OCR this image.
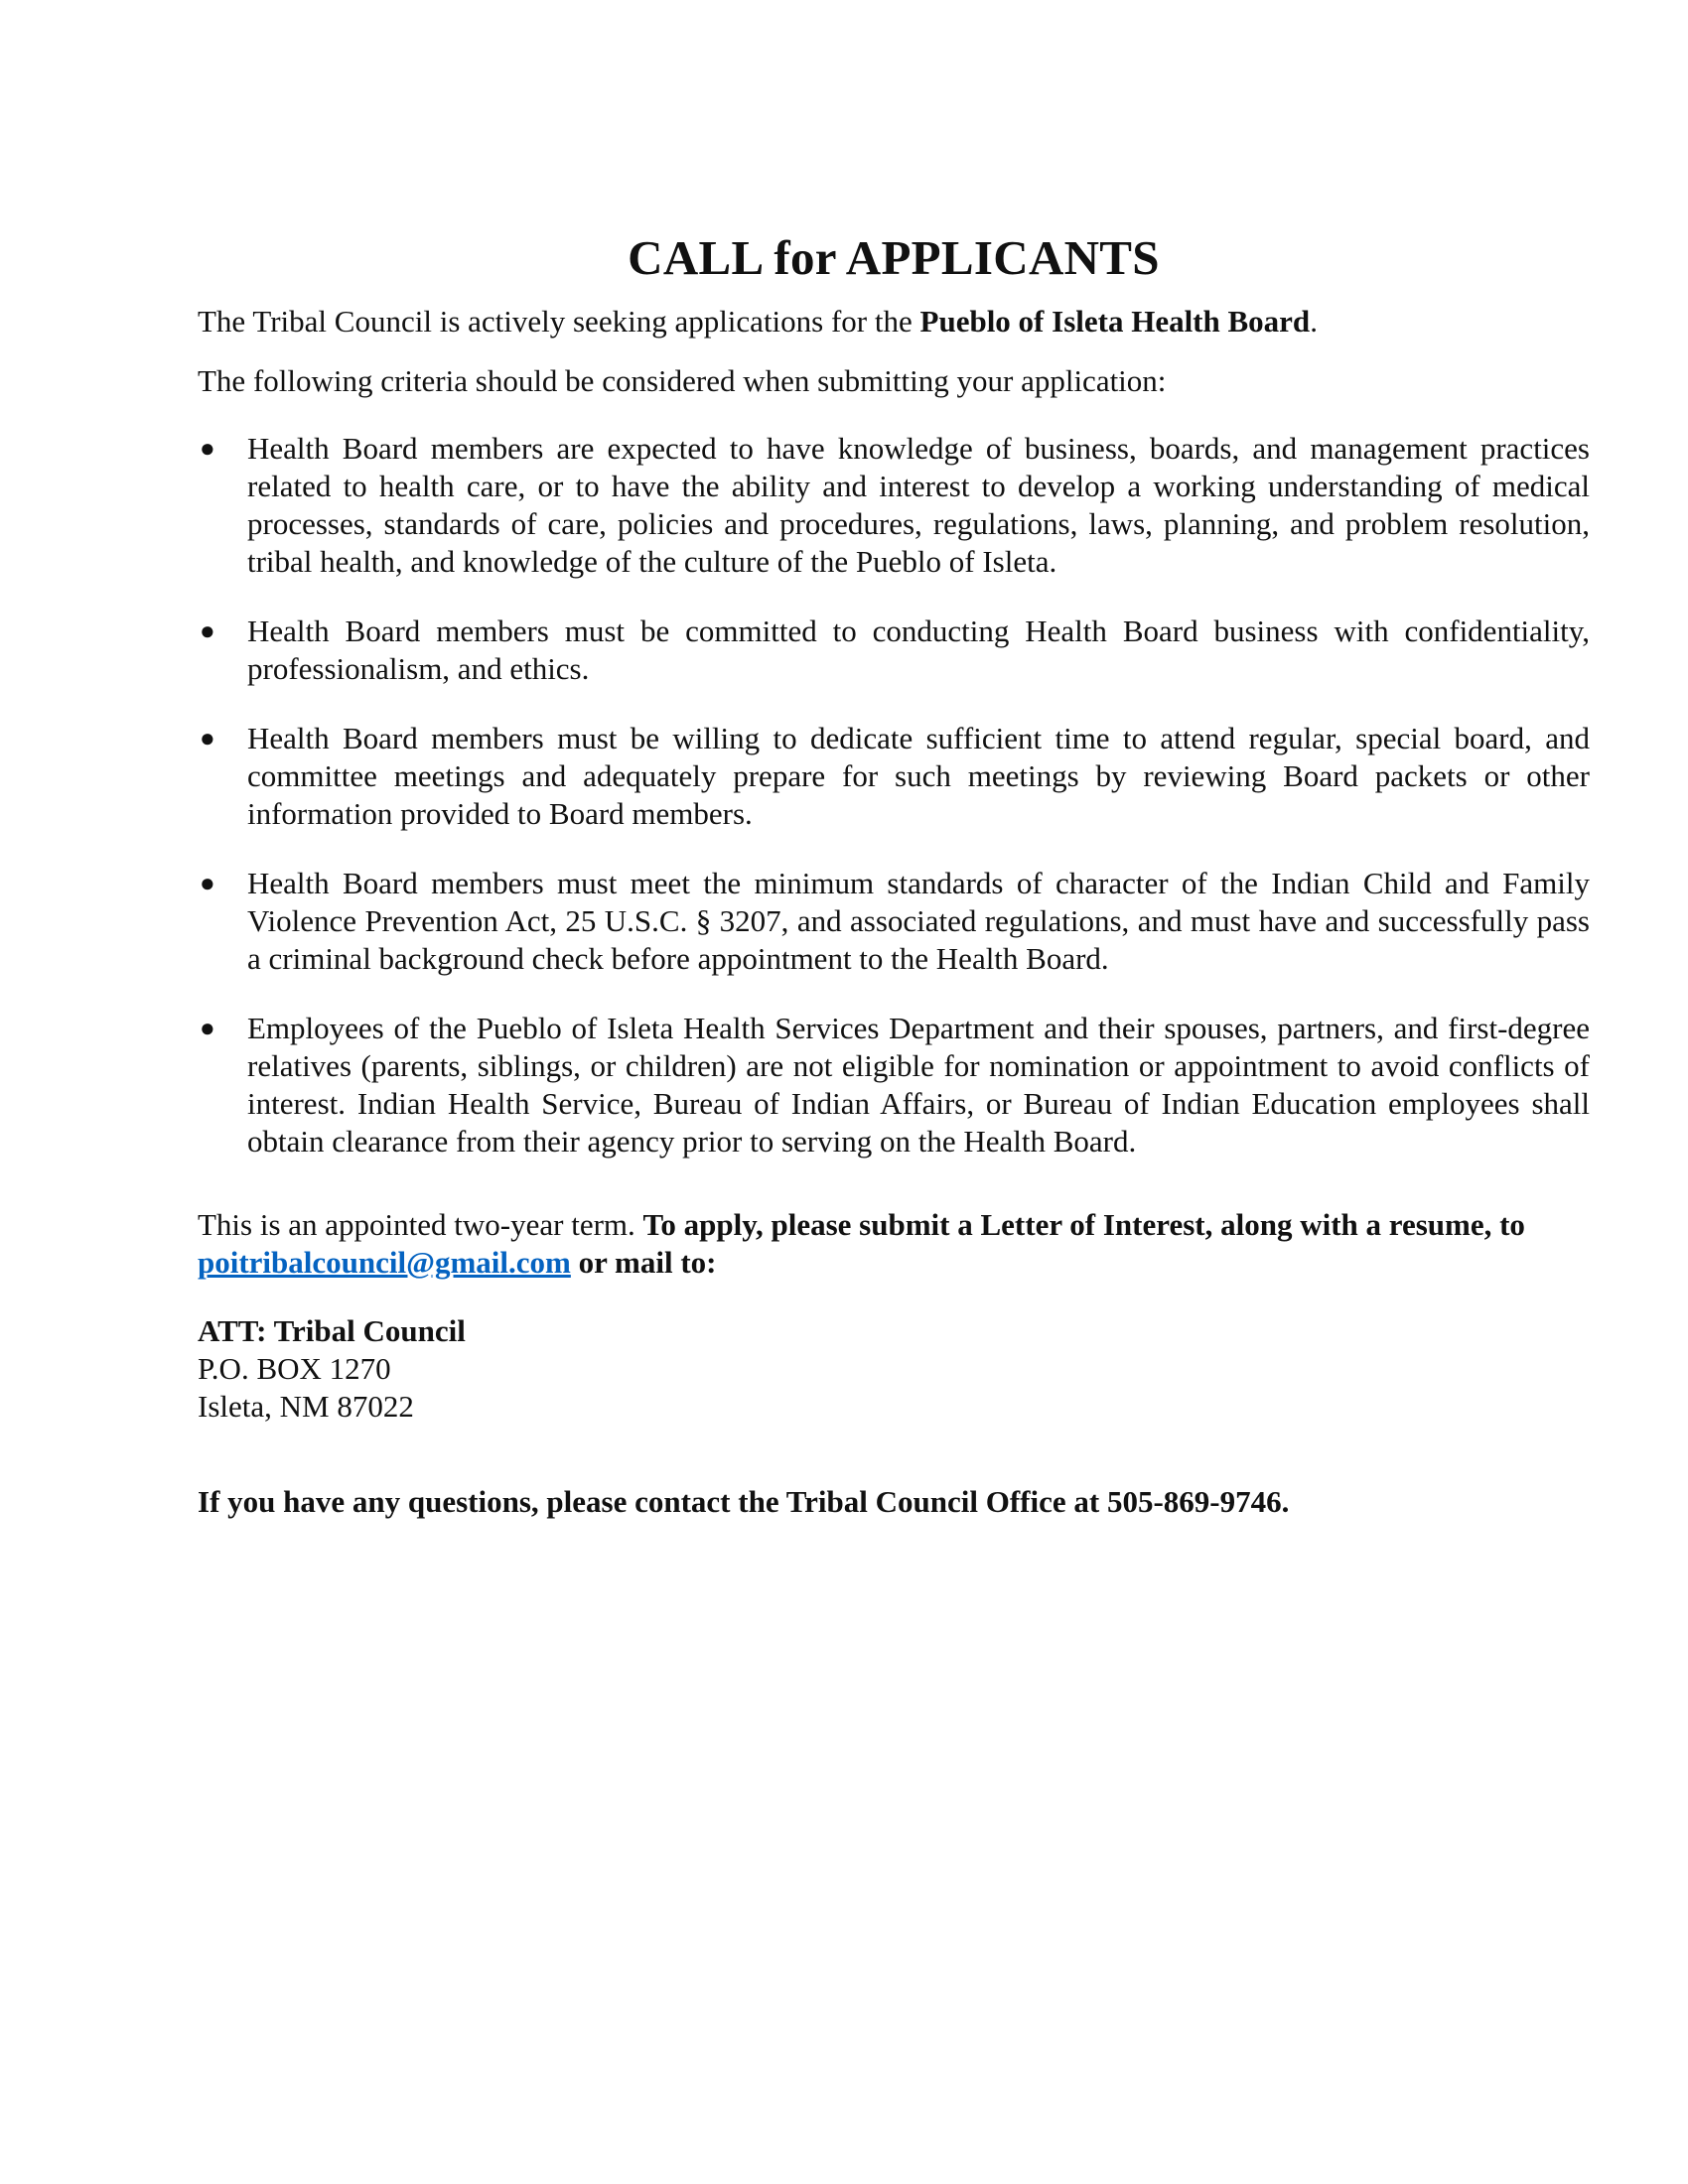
CALL for APPLICANTS

The Tribal Council is actively seeking applications for the Pueblo of Isleta Health Board.

The following criteria should be considered when submitting your application:

● Health Board members are expected to have knowledge of business, boards, and management practices related to health care, or to have the ability and interest to develop a working understanding of medical processes, standards of care, policies and procedures, regulations, laws, planning, and problem resolution, tribal health, and knowledge of the culture of the Pueblo of Isleta.
● Health Board members must be committed to conducting Health Board business with confidentiality, professionalism, and ethics.
● Health Board members must be willing to dedicate sufficient time to attend regular, special board, and committee meetings and adequately prepare for such meetings by reviewing Board packets or other information provided to Board members.
● Health Board members must meet the minimum standards of character of the Indian Child and Family Violence Prevention Act, 25 U.S.C. § 3207, and associated regulations, and must have and successfully pass a criminal background check before appointment to the Health Board.
● Employees of the Pueblo of Isleta Health Services Department and their spouses, partners, and first-degree relatives (parents, siblings, or children) are not eligible for nomination or appointment to avoid conflicts of interest. Indian Health Service, Bureau of Indian Affairs, or Bureau of Indian Education employees shall obtain clearance from their agency prior to serving on the Health Board.

This is an appointed two-year term. To apply, please submit a Letter of Interest, along with a resume, to poitribalcouncil@gmail.com or mail to:

ATT: Tribal Council
P.O. BOX 1270
Isleta, NM 87022

If you have any questions, please contact the Tribal Council Office at 505-869-9746.
